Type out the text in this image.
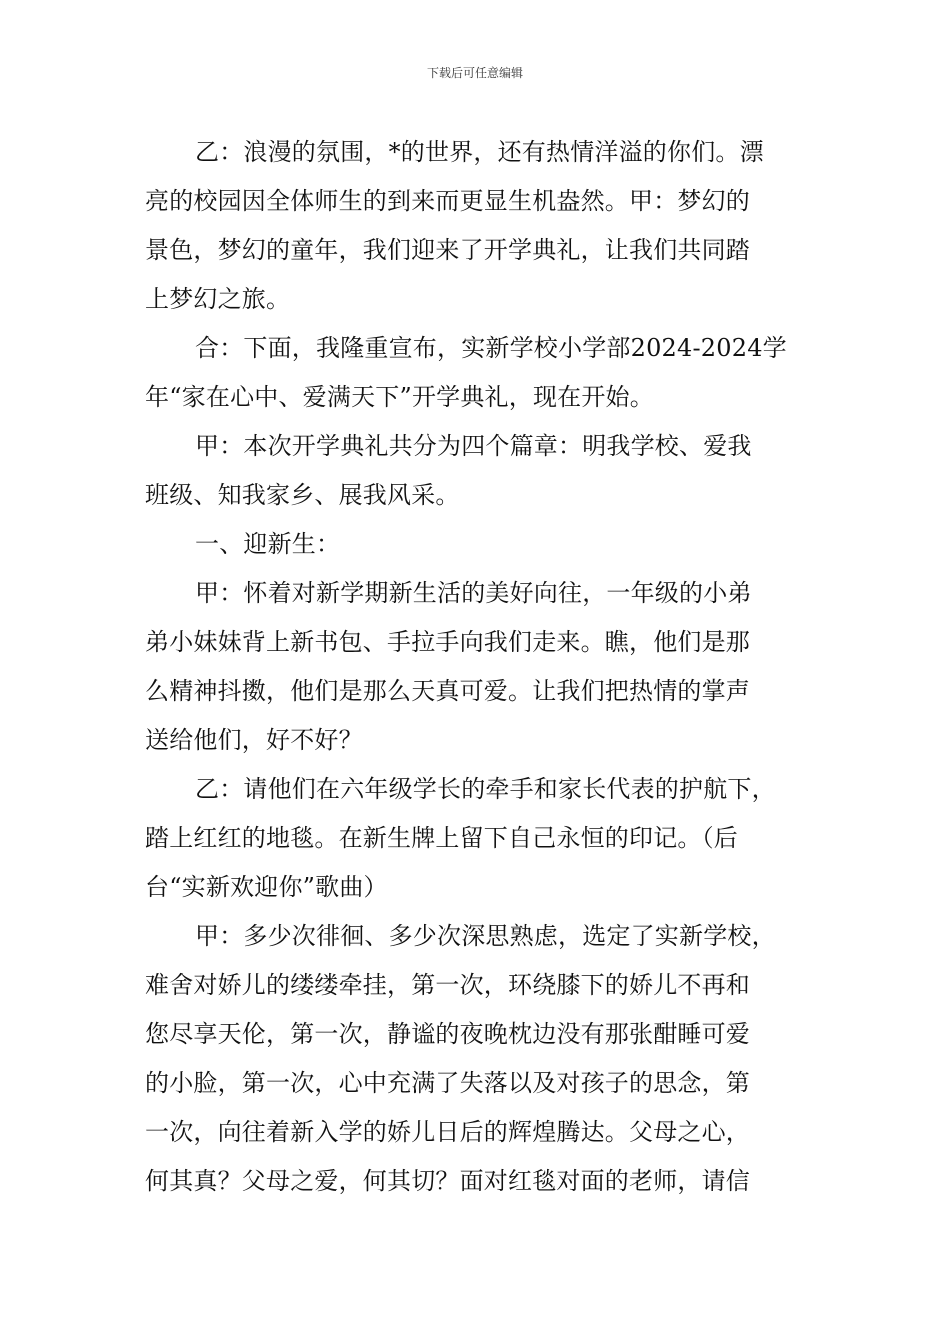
下载后可任意编辑
乙：浪漫的氛围，*的世界，还有热情洋溢的你们。漂
亮的校园因全体师生的到来而更显生机盎然。甲：梦幻的
景色，梦幻的童年，我们迎来了开学典礼，让我们共同踏
上梦幻之旅。
合：下面，我隆重宣布，实新学校小学部2024-2024学
年“家在心中、爱满天下”开学典礼，现在开始。
甲：本次开学典礼共分为四个篇章：明我学校、爱我
班级、知我家乡、展我风采。
一、迎新生：
甲：怀着对新学期新生活的美好向往，一年级的小弟
弟小妹妹背上新书包、手拉手向我们走来。瞧，他们是那
么精神抖擞，他们是那么天真可爱。让我们把热情的掌声
送给他们，好不好？
乙：请他们在六年级学长的牵手和家长代表的护航下，
踏上红红的地毯。在新生牌上留下自己永恒的印记。（后
台“实新欢迎你”歌曲）
甲：多少次徘徊、多少次深思熟虑，选定了实新学校，
难舍对娇儿的缕缕牵挂，第一次，环绕膝下的娇儿不再和
您尽享天伦，第一次，静谧的夜晚枕边没有那张酣睡可爱
的小脸，第一次，心中充满了失落以及对孩子的思念，第
一次，向往着新入学的娇儿日后的辉煌腾达。父母之心，
何其真？父母之爱，何其切？面对红毯对面的老师，请信
